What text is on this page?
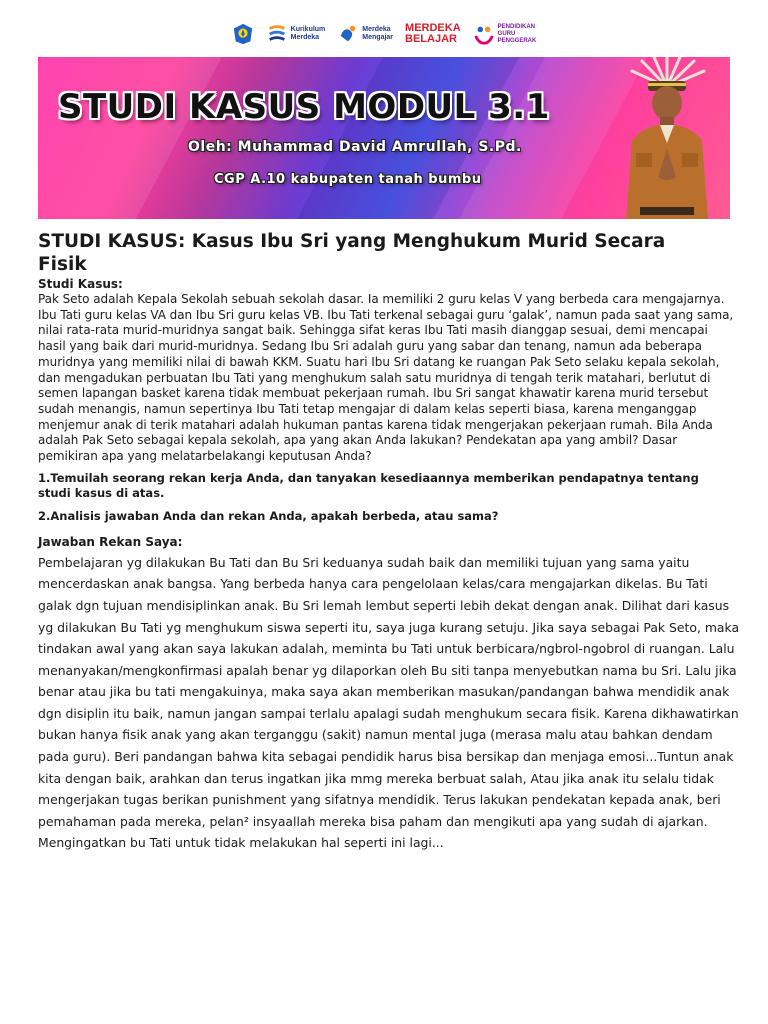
Kurikulum
Merdeka
Merdeka
Mengajar
MERDEKA
BELAJAR
PENDIDIKAN
GURU
PENGGERAK
STUDI KASUS MODUL 3.1
Oleh: Muhammad David Amrullah, S.Pd.
CGP A.10 kabupaten tanah bumbu
STUDI KASUS: Kasus Ibu Sri yang Menghukum Murid Secara Fisik
Studi Kasus:

Pak Seto adalah Kepala Sekolah sebuah sekolah dasar. Ia memiliki 2 guru kelas V yang berbeda cara mengajarnya. Ibu Tati guru kelas VA dan Ibu Sri guru kelas VB. Ibu Tati terkenal sebagai guru ‘galak’, namun pada saat yang sama, nilai rata-rata murid-muridnya sangat baik. Sehingga sifat keras Ibu Tati masih dianggap sesuai, demi mencapai hasil yang baik dari murid-muridnya. Sedang Ibu Sri adalah guru yang sabar dan tenang, namun ada beberapa muridnya yang memiliki nilai di bawah KKM. Suatu hari Ibu Sri datang ke ruangan Pak Seto selaku kepala sekolah, dan mengadukan perbuatan Ibu Tati yang menghukum salah satu muridnya di tengah terik matahari, berlutut di semen lapangan basket karena tidak membuat pekerjaan rumah. Ibu Sri sangat khawatir karena murid tersebut sudah menangis, namun sepertinya Ibu Tati tetap mengajar di dalam kelas seperti biasa, karena menganggap menjemur anak di terik matahari adalah hukuman pantas karena tidak mengerjakan pekerjaan rumah. Bila Anda adalah Pak Seto sebagai kepala sekolah, apa yang akan Anda lakukan? Pendekatan apa yang ambil? Dasar pemikiran apa yang melatarbelakangi keputusan Anda?

1.Temuilah seorang rekan kerja Anda, dan tanyakan kesediaannya memberikan pendapatnya tentang studi kasus di atas.

2.Analisis jawaban Anda dan rekan Anda, apakah berbeda, atau sama?

Jawaban Rekan Saya:

Pembelajaran yg dilakukan Bu Tati dan Bu Sri keduanya sudah baik dan memiliki tujuan yang sama yaitu mencerdaskan anak bangsa. Yang berbeda hanya cara pengelolaan kelas/cara mengajarkan dikelas. Bu Tati galak dgn tujuan mendisiplinkan anak. Bu Sri lemah lembut seperti lebih dekat dengan anak. Dilihat dari kasus yg dilakukan Bu Tati yg menghukum siswa seperti itu, saya juga kurang setuju. Jika saya sebagai Pak Seto, maka tindakan awal yang akan saya lakukan adalah, meminta bu Tati untuk berbicara/ngbrol-ngobrol di ruangan. Lalu menanyakan/mengkonfirmasi apalah benar yg dilaporkan oleh Bu siti tanpa menyebutkan nama bu Sri. Lalu jika benar atau jika bu tati mengakuinya, maka saya akan memberikan masukan/pandangan bahwa mendidik anak dgn disiplin itu baik, namun jangan sampai terlalu apalagi sudah menghukum secara fisik. Karena dikhawatirkan bukan hanya fisik anak yang akan terganggu (sakit) namun mental juga (merasa malu atau bahkan dendam pada guru). Beri pandangan bahwa kita sebagai pendidik harus bisa bersikap dan menjaga emosi...Tuntun anak kita dengan baik, arahkan dan terus ingatkan jika mmg mereka berbuat salah, Atau jika anak itu selalu tidak mengerjakan tugas berikan punishment yang sifatnya mendidik. Terus lakukan pendekatan kepada anak, beri pemahaman pada mereka, pelan² insyaallah mereka bisa paham dan mengikuti apa yang sudah di ajarkan. Mengingatkan bu Tati untuk tidak melakukan hal seperti ini lagi...
